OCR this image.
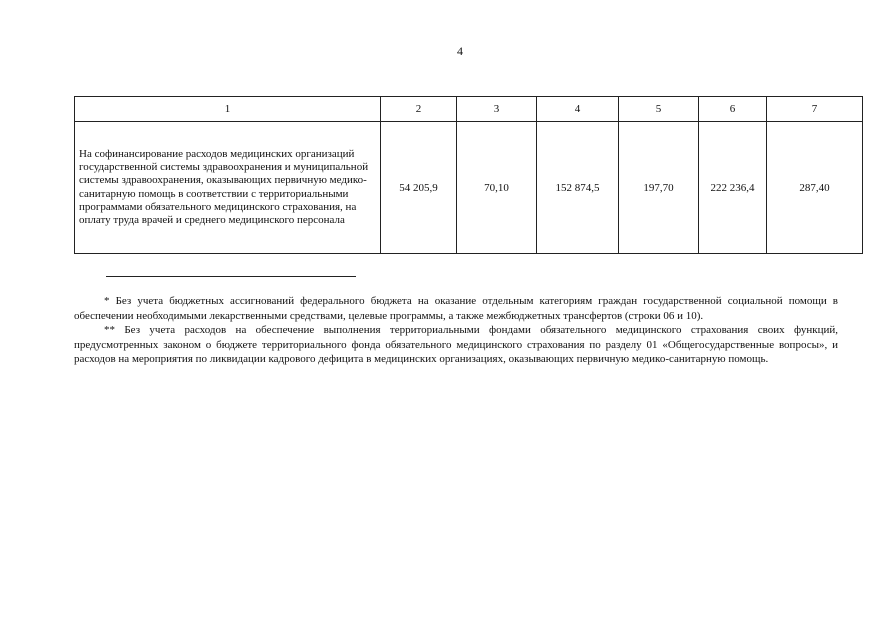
4
1	2	3	4	5	6	7
На софинансирование расходов медицинских организаций государственной системы здравоохранения и муниципальной системы здравоохранения, оказывающих первичную медико-санитарную помощь в соответствии с территориальными программами обязательного медицинского страхования, на оплату труда врачей и среднего медицинского персонала	54 205,9	70,10	152 874,5	197,70	222 236,4	287,40

* Без учета бюджетных ассигнований федерального бюджета на оказание отдельным категориям граждан государственной социальной помощи в обеспечении необходимыми лекарственными средствами, целевые программы, а также межбюджетных трансфертов (строки 06 и 10).

** Без учета расходов на обеспечение выполнения территориальными фондами обязательного медицинского страхования своих функций, предусмотренных законом о бюджете территориального фонда обязательного медицинского страхования по разделу 01 «Общегосударственные вопросы», и расходов на мероприятия по ликвидации кадрового дефицита в медицинских организациях, оказывающих первичную медико-санитарную помощь.
